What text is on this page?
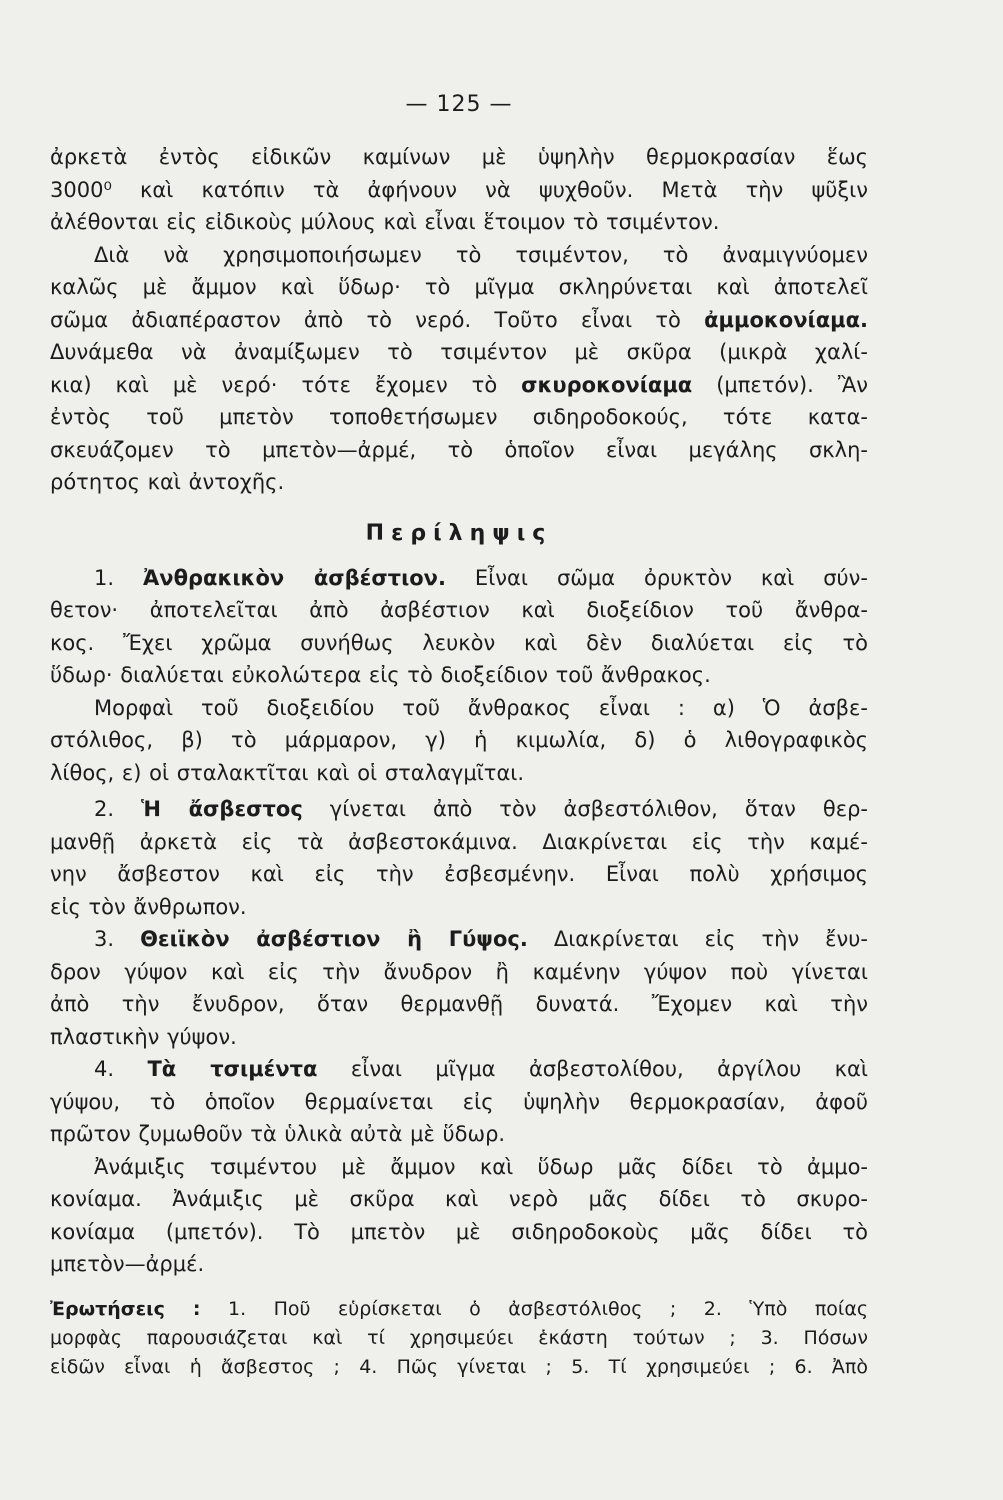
— 125 —

ἀρκετὰ ἐντὸς εἰδικῶν καμίνων μὲ ὑψηλὴν θερμοκρασίαν ἕως

3000⁰ καὶ κατόπιν τὰ ἀφήνουν νὰ ψυχθοῦν. Μετὰ τὴν ψῦξιν

ἀλέθονται εἰς εἰδικοὺς μύλους καὶ εἶναι ἕτοιμον τὸ τσιμέντον.

Διὰ νὰ χρησιμοποιήσωμεν τὸ τσιμέντον, τὸ ἀναμιγνύομεν

καλῶς μὲ ἄμμον καὶ ὕδωρ· τὸ μῖγμα σκληρύνεται καὶ ἀποτελεῖ

σῶμα ἀδιαπέραστον ἀπὸ τὸ νερό. Τοῦτο εἶναι τὸ ἀμμοκονίαμα.

Δυνάμεθα νὰ ἀναμίξωμεν τὸ τσιμέντον μὲ σκῦρα (μικρὰ χαλί-

κια) καὶ μὲ νερό· τότε ἔχομεν τὸ σκυροκονίαμα (μπετόν). Ἂν

ἐντὸς τοῦ μπετὸν τοποθετήσωμεν σιδηροδοκούς, τότε κατα-

σκευάζομεν τὸ μπετὸν—ἀρμέ, τὸ ὁποῖον εἶναι μεγάλης σκλη-

ρότητος καὶ ἀντοχῆς.

Περίληψις

1. Ἀνθρακικὸν ἀσβέστιον. Εἶναι σῶμα ὀρυκτὸν καὶ σύν-

θετον· ἀποτελεῖται ἀπὸ ἀσβέστιον καὶ διοξείδιον τοῦ ἄνθρα-

κος. Ἔχει χρῶμα συνήθως λευκὸν καὶ δὲν διαλύεται εἰς τὸ

ὕδωρ· διαλύεται εὐκολώτερα εἰς τὸ διοξείδιον τοῦ ἄνθρακος.

Μορφαὶ τοῦ διοξειδίου τοῦ ἄνθρακος εἶναι : α) Ὁ ἀσβε-

στόλιθος, β) τὸ μάρμαρον, γ) ἡ κιμωλία, δ) ὁ λιθογραφικὸς

λίθος, ε) οἱ σταλακτῖται καὶ οἱ σταλαγμῖται.

2. Ἡ ἄσβεστος γίνεται ἀπὸ τὸν ἀσβεστόλιθον, ὅταν θερ-

μανθῇ ἀρκετὰ εἰς τὰ ἀσβεστοκάμινα. Διακρίνεται εἰς τὴν καμέ-

νην ἄσβεστον καὶ εἰς τὴν ἐσβεσμένην. Εἶναι πολὺ χρήσιμος

εἰς τὸν ἄνθρωπον.

3. Θειϊκὸν ἀσβέστιον ἢ Γύψος. Διακρίνεται εἰς τὴν ἔνυ-

δρον γύψον καὶ εἰς τὴν ἄνυδρον ἢ καμένην γύψον ποὺ γίνεται

ἀπὸ τὴν ἔνυδρον, ὅταν θερμανθῇ δυνατά. Ἔχομεν καὶ τὴν

πλαστικὴν γύψον.

4. Τὰ τσιμέντα εἶναι μῖγμα ἀσβεστολίθου, ἀργίλου καὶ

γύψου, τὸ ὁποῖον θερμαίνεται εἰς ὑψηλὴν θερμοκρασίαν, ἀφοῦ

πρῶτον ζυμωθοῦν τὰ ὑλικὰ αὐτὰ μὲ ὕδωρ.

Ἀνάμιξις τσιμέντου μὲ ἄμμον καὶ ὕδωρ μᾶς δίδει τὸ ἀμμο-

κονίαμα. Ἀνάμιξις μὲ σκῦρα καὶ νερὸ μᾶς δίδει τὸ σκυρο-

κονίαμα (μπετόν). Τὸ μπετὸν μὲ σιδηροδοκοὺς μᾶς δίδει τὸ

μπετὸν—ἀρμέ.

Ἐρωτήσεις : 1. Ποῦ εὑρίσκεται ὁ ἀσβεστόλιθος ; 2. Ὑπὸ ποίας

μορφὰς παρουσιάζεται καὶ τί χρησιμεύει ἑκάστη τούτων ; 3. Πόσων

εἰδῶν εἶναι ἡ ἄσβεστος ; 4. Πῶς γίνεται ; 5. Τί χρησιμεύει ; 6. Ἀπὸ
